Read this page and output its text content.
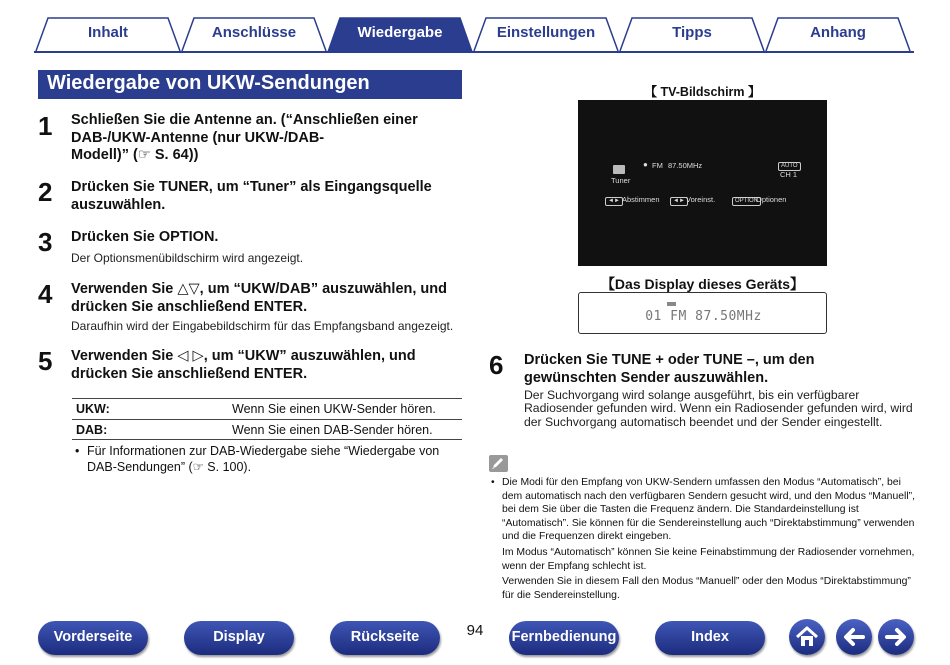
Inhalt	Anschlüsse	Wiedergabe	Einstellungen	Tipps	Anhang
Wiedergabe von UKW-Sendungen
1 Schließen Sie die Antenne an. (“Anschließen einer
DAB-/UKW-Antenne (nur UKW-/DAB-
Modell)” (☞ S. 64))
2 Drücken Sie TUNER, um “Tuner” als Eingangsquelle auszuwählen.
3 Drücken Sie OPTION.
Der Optionsmenübildschirm wird angezeigt.
4 Verwenden Sie △▽, um “UKW/DAB” auszuwählen, und drücken Sie anschließend ENTER.
Daraufhin wird der Eingabebildschirm für das Empfangsband angezeigt.
5 Verwenden Sie ◁ ▷, um “UKW” auszuwählen, und drücken Sie anschließend ENTER.
UKW:	Wenn Sie einen UKW-Sender hören.
DAB:	Wenn Sie einen DAB-Sender hören.
• Für Informationen zur DAB-Wiedergabe siehe “Wiedergabe von DAB-Sendungen” (☞ S. 100).
【 TV-Bildschirm 】
Tuner
● FM 87.50MHz	AUTO
CH 1
◄► Abstimmen	◄► Voreinst.	OPTION
Optionen
【Das Display dieses Geräts】
01 FM 87.50MHz
6 Drücken Sie TUNE + oder TUNE –, um den gewünschten Sender auszuwählen.
Der Suchvorgang wird solange ausgeführt, bis ein verfügbarer Radiosender gefunden wird. Wenn ein Radiosender gefunden wird, wird der Suchvorgang automatisch beendet und der Sender eingestellt.
• Die Modi für den Empfang von UKW-Sendern umfassen den Modus “Automatisch”, bei dem automatisch nach den verfügbaren Sendern gesucht wird, und den Modus “Manuell”, bei dem Sie über die Tasten die Frequenz ändern. Die Standardeinstellung ist “Automatisch”. Sie können für die Sendereinstellung auch “Direktabstimmung” verwenden und die Frequenzen direkt eingeben.

Im Modus “Automatisch” können Sie keine Feinabstimmung der Radiosender vornehmen, wenn der Empfang schlecht ist.

Verwenden Sie in diesem Fall den Modus “Manuell” oder den Modus “Direktabstimmung” für die Sendereinstellung.

Vorderseite	Display	Rückseite	94	Fernbedienung	Index
